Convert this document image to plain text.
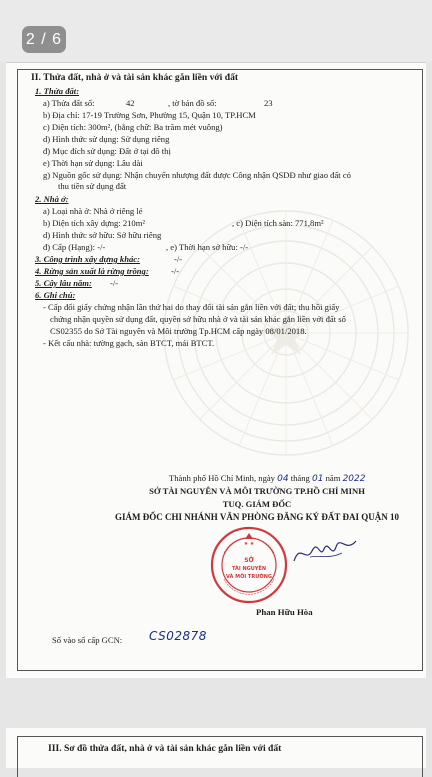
2 / 6
II. Thửa đất, nhà ở và tài sản khác gắn liền với đất
1. Thửa đất:
a) Thửa đất số:	42	, tờ bản đồ số:	23
b) Địa chỉ: 17-19 Trường Sơn, Phường 15, Quận 10, TP.HCM
c) Diện tích: 300m², (bằng chữ: Ba trăm mét vuông)
d) Hình thức sử dụng: Sử dụng riêng
đ) Mục đích sử dụng: Đất ở tại đô thị
e) Thời hạn sử dụng: Lâu dài
g) Nguồn gốc sử dụng: Nhận chuyển nhượng đất được Công nhận QSDĐ như giao đất có
thu tiền sử dụng đất
2. Nhà ở:
a) Loại nhà ở: Nhà ở riêng lẻ
b) Diện tích xây dựng: 210m²	, c) Diện tích sàn: 771,8m²
d) Hình thức sở hữu: Sở hữu riêng
đ) Cấp (Hạng): -/-	, e) Thời hạn sở hữu: -/-
3. Công trình xây dựng khác:	-/-
4. Rừng sản xuất là rừng trồng:	-/-
5. Cây lâu năm: -/-
6. Ghi chú:
- Cấp đổi giấy chứng nhận lần thứ hai do thay đổi tài sản gắn liền với đất; thu hồi giấy
chứng nhận quyền sử dụng đất, quyền sở hữu nhà ở và tài sản khác gắn liền với đất số
CS02355 do Sở Tài nguyên và Môi trường Tp.HCM cấp ngày 08/01/2018.
- Kết cấu nhà: tường gạch, sàn BTCT, mái BTCT.
Thành phố Hồ Chí Minh, ngày 04 tháng 01 năm 2022
SỞ TÀI NGUYÊN VÀ MÔI TRƯỜNG TP.HỒ CHÍ MINH
TUQ. GIÁM ĐỐC
GIÁM ĐỐC CHI NHÁNH VĂN PHÒNG ĐĂNG KÝ ĐẤT ĐAI QUẬN 10
★ ★
SỞ
TÀI NGUYÊN
VÀ MÔI TRƯỜNG
Phan Hữu Hòa
Số vào sổ cấp GCN: CS02878
III. Sơ đồ thửa đất, nhà ở và tài sản khác gắn liền với đất
